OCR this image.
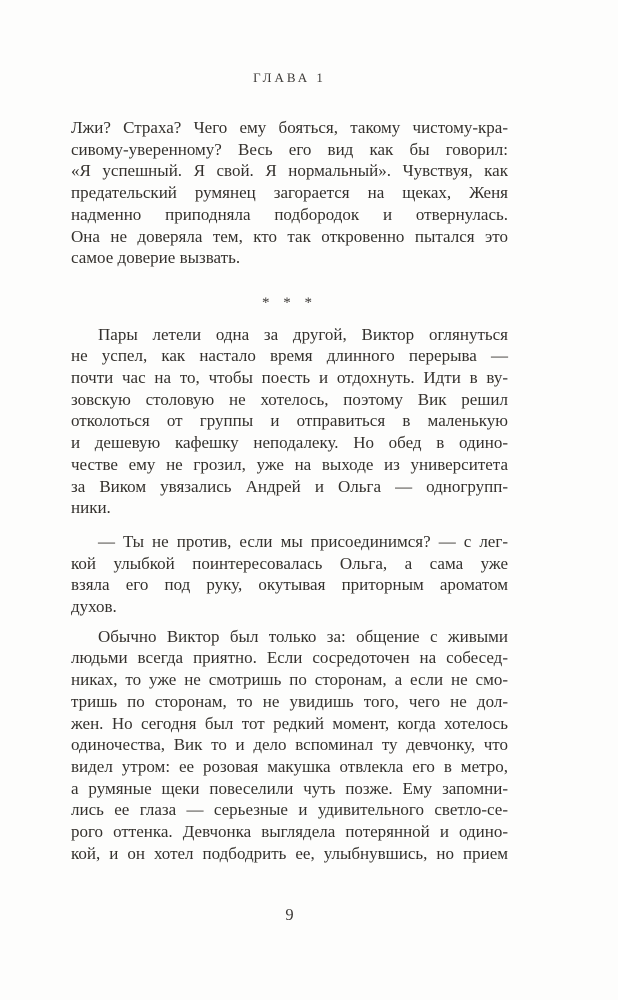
ГЛАВА 1
Лжи? Страха? Чего ему бояться, такому чистому-кра-
сивому-уверенному? Весь его вид как бы говорил:
«Я успешный. Я свой. Я нормальный». Чувствуя, как
предательский румянец загорается на щеках, Женя
надменно приподняла подбородок и отвернулась.
Она не доверяла тем, кто так откровенно пытался это
самое доверие вызвать.
* * *
Пары летели одна за другой, Виктор оглянуться
не успел, как настало время длинного перерыва —
почти час на то, чтобы поесть и отдохнуть. Идти в ву-
зовскую столовую не хотелось, поэтому Вик решил
отколоться от группы и отправиться в маленькую
и дешевую кафешку неподалеку. Но обед в одино-
честве ему не грозил, уже на выходе из университета
за Виком увязались Андрей и Ольга — одногрупп-
ники.
— Ты не против, если мы присоединимся? — с лег-
кой улыбкой поинтересовалась Ольга, а сама уже
взяла его под руку, окутывая приторным ароматом
духов.
Обычно Виктор был только за: общение с живыми
людьми всегда приятно. Если сосредоточен на собесед-
никах, то уже не смотришь по сторонам, а если не смо-
тришь по сторонам, то не увидишь того, чего не дол-
жен. Но сегодня был тот редкий момент, когда хотелось
одиночества, Вик то и дело вспоминал ту девчонку, что
видел утром: ее розовая макушка отвлекла его в метро,
а румяные щеки повеселили чуть позже. Ему запомни-
лись ее глаза — серьезные и удивительного светло-се-
рого оттенка. Девчонка выглядела потерянной и одино-
кой, и он хотел подбодрить ее, улыбнувшись, но прием
9
